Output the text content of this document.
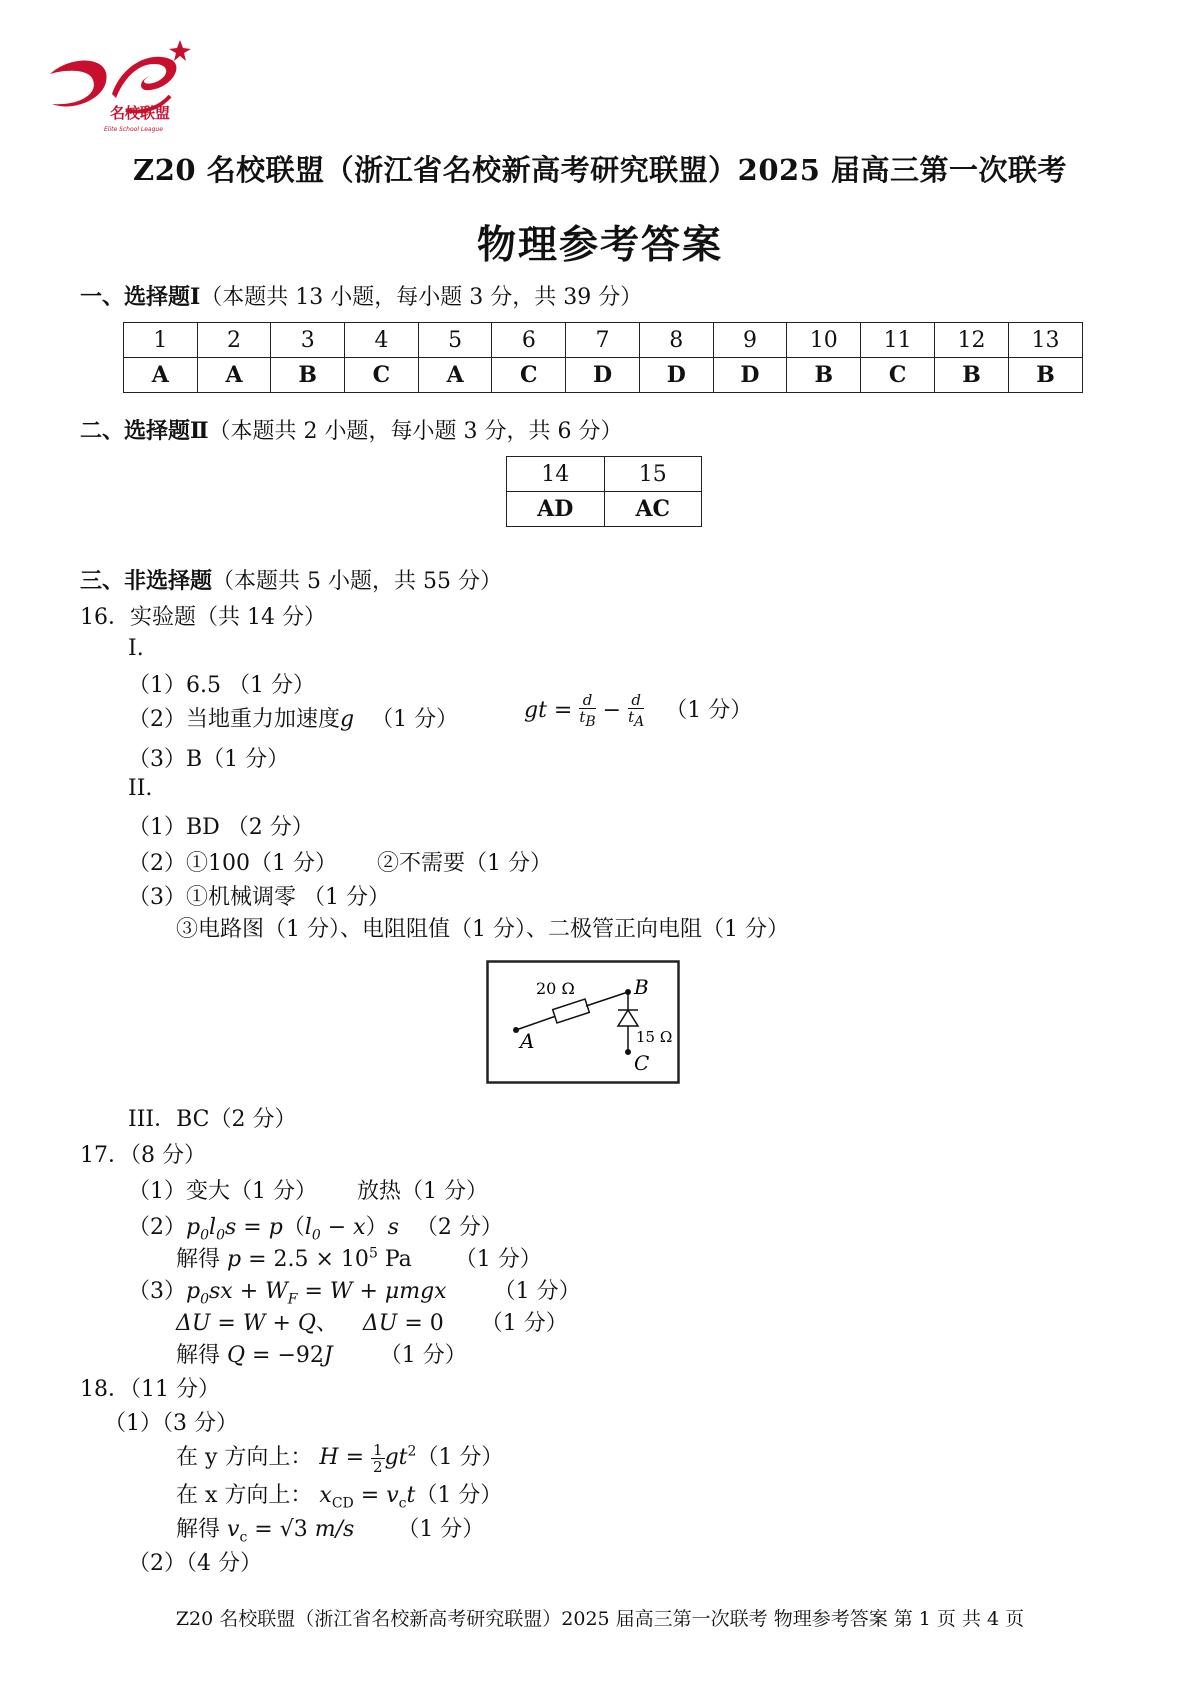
名校联盟
Elite School League
Z20 名校联盟（浙江省名校新高考研究联盟）2025 届高三第一次联考
物理参考答案
一、选择题Ⅰ（本题共 13 小题，每小题 3 分，共 39 分）
1	2	3	4	5	6	7	8	9	10	11	12	13
A	A	B	C	A	C	D	D	D	B	C	B	B
二、选择题Ⅱ（本题共 2 小题，每小题 3 分，共 6 分）
14	15
AD	AC
三、非选择题（本题共 5 小题，共 55 分）
16．实验题（共 14 分）
I.
（1）6.5 （1 分）
（2）当地重力加速度g （1 分）	gt = $\frac{d}{t_B} - \frac{d}{t_A} (1$ 分）
（3）B（1 分）
II.
（1）BD （2 分）
（2）①100（1 分） ②不需要（1 分）
（3）①机械调零 （1 分）
③电路图（1 分）、电阻阻值（1 分）、二极管正向电阻（1 分）
20 Ω
15 Ω
A
B
C
III．BC（2 分）
17．（8 分）
（1）变大（1 分） 放热（1 分）
$(2)p_0l_0s = p(l_0 - x)s$ （2 分）
解得 $p = 2.5 \times 10^5$ Pa （1 分）
$(3)p_0sx + W_F = W + \mu mgx$ （1 分）
ΔU = W + Q、 ΔU = 0 （1 分）
解得 Q = −92J （1 分）
18．（11 分）
（1）（3 分）
在 y 方向上： $H = \frac{1}{2} gt^2(1$ 分）
在 x 方向上： $x_{CD} = v_ct(1$ 分）
解得 $v_c = √3$ m/s （1 分）
（2）（4 分）
Z20 名校联盟（浙江省名校新高考研究联盟）2025 届高三第一次联考 物理参考答案 第 1 页 共 4 页
